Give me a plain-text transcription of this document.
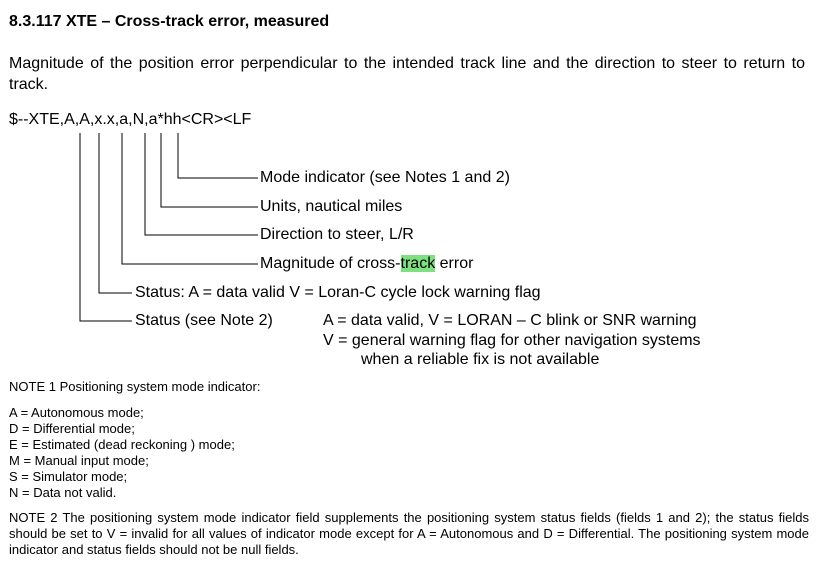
8.3.117 XTE – Cross-track error, measured
Magnitude of the position error perpendicular to the intended track line and the direction to steer to return to track.
$--XTE,A,A,x.x,a,N,a*hh<CR><LF
Mode indicator (see Notes 1 and 2)
Units, nautical miles
Direction to steer, L/R
Magnitude of cross-track error
Status: A = data valid V = Loran-C cycle lock warning flag
Status (see Note 2)	A = data valid, V = LORAN – C blink or SNR warning
V = general warning flag for other navigation systems
when a reliable fix is not available
NOTE 1 Positioning system mode indicator:
A = Autonomous mode;
D = Differential mode;
E = Estimated (dead reckoning ) mode;
M = Manual input mode;
S = Simulator mode;
N = Data not valid.
NOTE 2 The positioning system mode indicator field supplements the positioning system status fields (fields 1 and 2); the status fields should be set to V = invalid for all values of indicator mode except for A = Autonomous and D = Differential. The positioning system mode indicator and status fields should not be null fields.
